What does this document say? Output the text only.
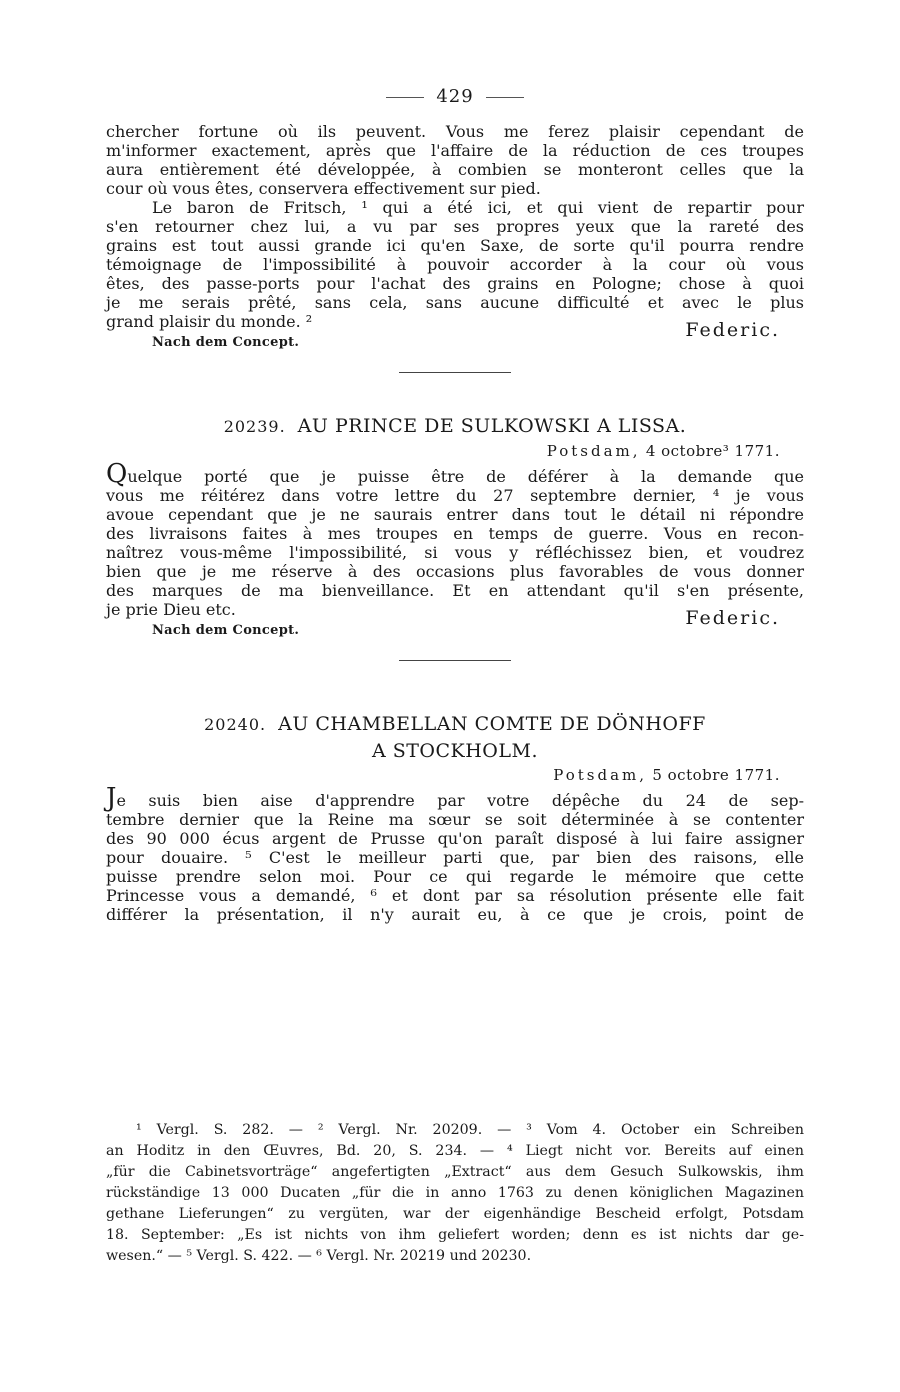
429
chercher fortune où ils peuvent. Vous me ferez plaisir cependant de
m'informer exactement, après que l'affaire de la réduction de ces troupes
aura entièrement été développée, à combien se monteront celles que la
cour où vous êtes, conservera effectivement sur pied.
Le baron de Fritsch, ¹ qui a été ici, et qui vient de repartir pour
s'en retourner chez lui, a vu par ses propres yeux que la rareté des
grains est tout aussi grande ici qu'en Saxe, de sorte qu'il pourra rendre
témoignage de l'impossibilité à pouvoir accorder à la cour où vous
êtes, des passe-ports pour l'achat des grains en Pologne; chose à quoi
je me serais prêté, sans cela, sans aucune difficulté et avec le plus
grand plaisir du monde. ²	Federic.
Nach dem Concept.
20239. AU PRINCE DE SULKOWSKI A LISSA.
Potsdam, 4 octobre³ 1771.
Quelque porté que je puisse être de déférer à la demande que
vous me réitérez dans votre lettre du 27 septembre dernier, ⁴ je vous
avoue cependant que je ne saurais entrer dans tout le détail ni répondre
des livraisons faites à mes troupes en temps de guerre. Vous en recon-
naîtrez vous-même l'impossibilité, si vous y réfléchissez bien, et voudrez
bien que je me réserve à des occasions plus favorables de vous donner
des marques de ma bienveillance. Et en attendant qu'il s'en présente,
je prie Dieu etc.	Federic.
Nach dem Concept.
20240. AU CHAMBELLAN COMTE DE DÖNHOFF
A STOCKHOLM.
Potsdam, 5 octobre 1771.
Je suis bien aise d'apprendre par votre dépêche du 24 de sep-
tembre dernier que la Reine ma sœur se soit déterminée à se contenter
des 90 000 écus argent de Prusse qu'on paraît disposé à lui faire assigner
pour douaire. ⁵ C'est le meilleur parti que, par bien des raisons, elle
puisse prendre selon moi. Pour ce qui regarde le mémoire que cette
Princesse vous a demandé, ⁶ et dont par sa résolution présente elle fait
différer la présentation, il n'y aurait eu, à ce que je crois, point de
¹ Vergl. S. 282. — ² Vergl. Nr. 20209. — ³ Vom 4. October ein Schreiben
an Hoditz in den Œuvres, Bd. 20, S. 234. — ⁴ Liegt nicht vor. Bereits auf einen
„für die Cabinetsvorträge“ angefertigten „Extract“ aus dem Gesuch Sulkowskis, ihm
rückständige 13 000 Ducaten „für die in anno 1763 zu denen königlichen Magazinen
gethane Lieferungen“ zu vergüten, war der eigenhändige Bescheid erfolgt, Potsdam
18. September: „Es ist nichts von ihm geliefert worden; denn es ist nichts dar ge-
wesen.“ — ⁵ Vergl. S. 422. — ⁶ Vergl. Nr. 20219 und 20230.
